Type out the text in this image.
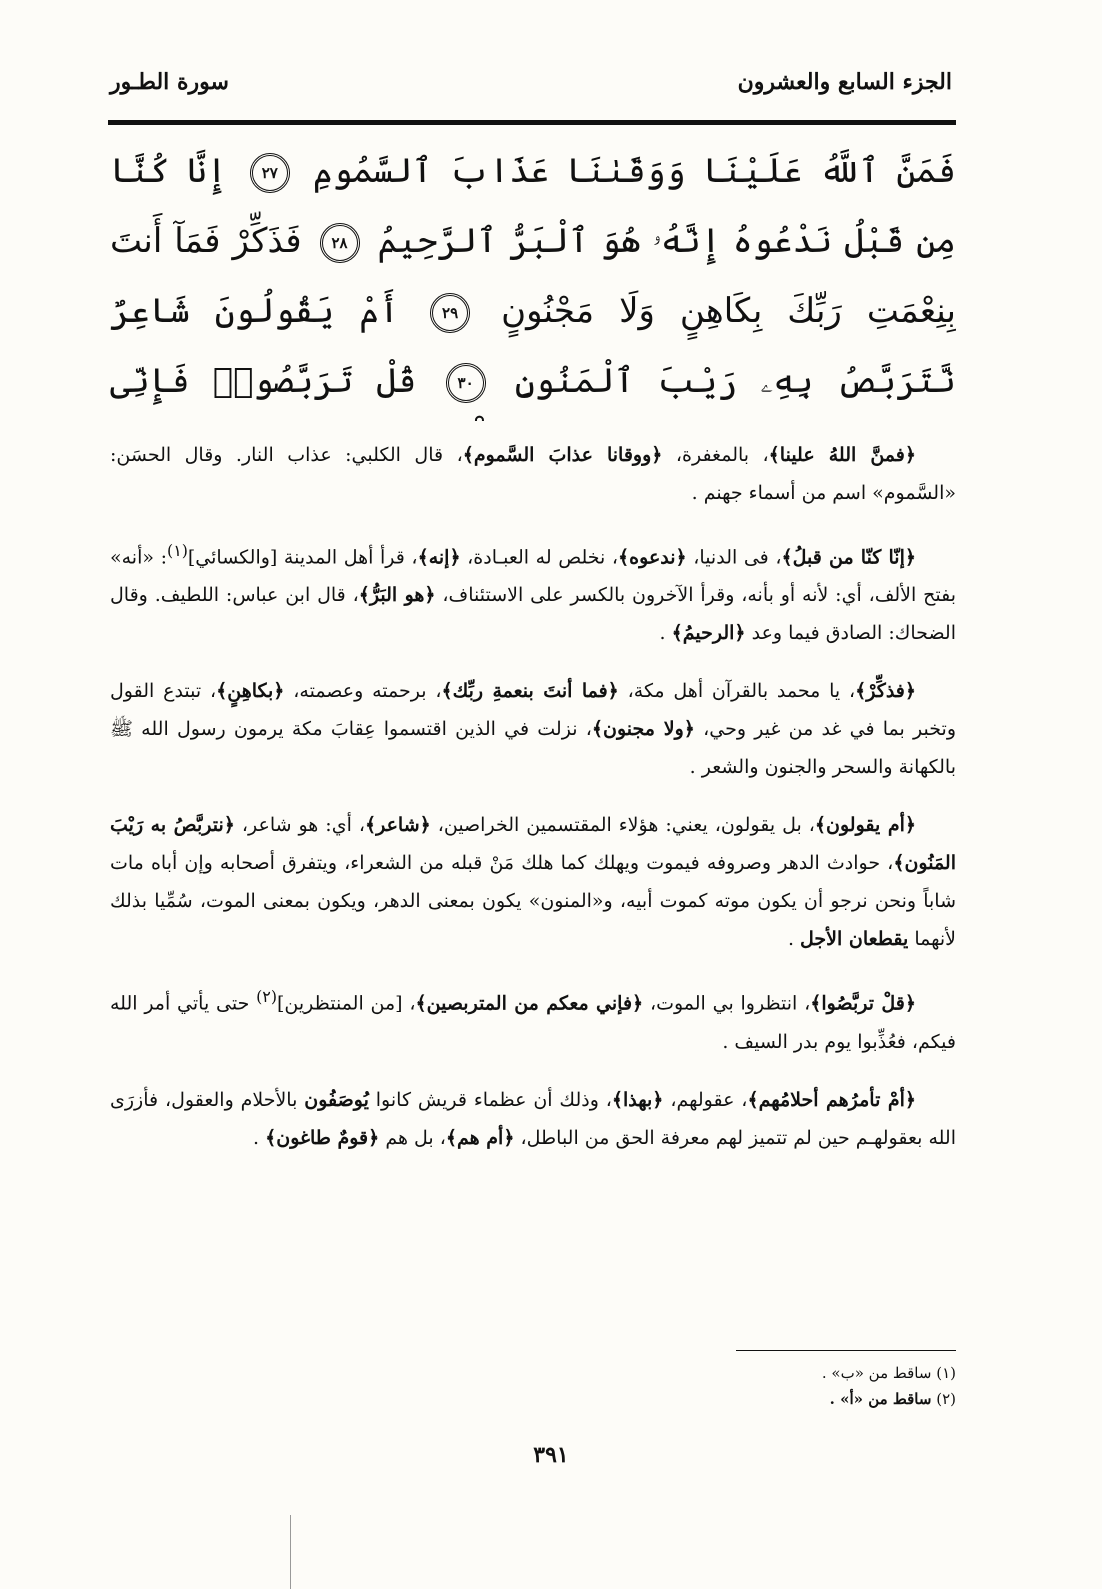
الجزء السابع والعشرون
سورة الطـور
فَمَنَّ ٱللَّهُ عَلَيْنَا وَوَقَىٰنَا عَذَابَ ٱلسَّمُومِ ٢٧ إِنَّا كُنَّا مِن قَبْلُ نَدْعُوهُ إِنَّهُۥ هُوَ ٱلْبَرُّ ٱلرَّحِيمُ ٢٨ فَذَكِّرْ فَمَآ أَنتَ بِنِعْمَتِ رَبِّكَ بِكَاهِنٍ وَلَا مَجْنُونٍ ٢٩ أَمْ يَقُولُونَ شَاعِرٌ نَّتَرَبَّصُ بِهِۦ رَيْبَ ٱلْمَنُونِ ٣٠ قُلْ تَرَبَّصُوا۟ فَإِنِّى

﴿فمنَّ اللهُ علينا﴾، بالمغفرة، ﴿ووقانا عذابَ السَّموم﴾، قال الكلبي: عذاب النار. وقال الحسَن: «السَّموم» اسم من أسماء جهنم .

﴿إنّا كنّا من قبلُ﴾، فى الدنيا، ﴿ندعوه﴾، نخلص له العبـادة، ﴿إنه﴾، قرأ أهل المدينة [والكسائي]$^{(١)}$: «أنه» بفتح الألف، أي: لأنه أو بأنه، وقرأ الآخرون بالكسر على الاستئناف، ﴿هو البَرُّ﴾، قال ابن عباس: اللطيف. وقال الضحاك: الصادق فيما وعد ﴿الرحيمُ﴾ .

﴿فذكِّرْ﴾، يا محمد بالقرآن أهل مكة، ﴿فما أنتَ بنعمةِ ربِّك﴾، برحمته وعصمته، ﴿بكاهِنٍ﴾، تبتدع القول وتخبر بما في غد من غير وحي، ﴿ولا مجنون﴾، نزلت في الذين اقتسموا عِقابَ مكة يرمون رسول الله ﷺ بالكهانة والسحر والجنون والشعر .

﴿أم يقولون﴾، بل يقولون، يعني: هؤلاء المقتسمين الخراصين، ﴿شاعر﴾، أي: هو شاعر، ﴿نتربَّصُ به رَيْبَ المَنُون﴾، حوادث الدهر وصروفه فيموت ويهلك كما هلك مَنْ قبله من الشعراء، ويتفرق أصحابه وإن أباه مات شاباً ونحن نرجو أن يكون موته كموت أبيه، و«المنون» يكون بمعنى الدهر، ويكون بمعنى الموت، سُمِّيا بذلك لأنهما يقطعان الأجل .

﴿قلْ تربَّصُوا﴾، انتظروا بي الموت، ﴿فإني معكم من المتربصين﴾، [من المنتظرين]$^{(٢)}$ حتى يأتي أمر الله فيكم، فعُذِّبوا يوم بدر السيف .

﴿أمْ تأمرُهم أحلامُهم﴾، عقولهم، ﴿بهذا﴾، وذلك أن عظماء قريش كانوا يُوصَفُون بالأحلام والعقول، فأزرَى الله بعقولهـم حين لم تتميز لهم معرفة الحق من الباطل، ﴿أم هم﴾، بل هم ﴿قومٌ طاغون﴾ .

(١) ساقط من «ب» .
(٢) ساقط من «أ» .
٣٩١
